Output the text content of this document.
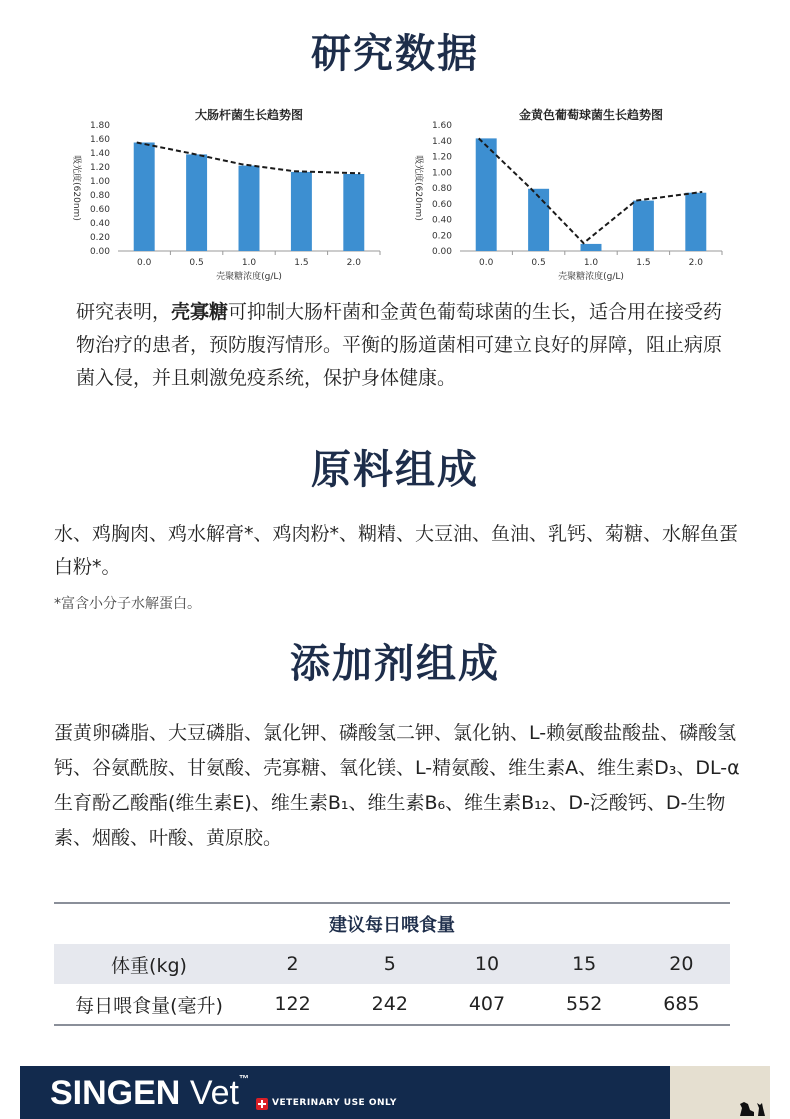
研究数据
大肠杆菌生长趋势图
吸光度(620nm)
0.00
0.20
0.40
0.60
0.80
1.00
1.20
1.40
1.60
1.80
0.0	0.5	1.0	1.5	2.0
壳聚糖浓度(g/L)
金黄色葡萄球菌生长趋势图
吸光度(620nm)
0.00
0.20
0.40
0.60
0.80
1.00
1.20
1.40
1.60
0.0	0.5	1.0	1.5	2.0
壳聚糖浓度(g/L)

研究表明，壳寡糖可抑制大肠杆菌和金黄色葡萄球菌的生长，适合用在接受药物治疗的患者，预防腹泻情形。平衡的肠道菌相可建立良好的屏障，阻止病原菌入侵，并且刺激免疫系统，保护身体健康。

原料组成

水、鸡胸肉、鸡水解膏*、鸡肉粉*、糊精、大豆油、鱼油、乳钙、菊糖、水解鱼蛋白粉*。

*富含小分子水解蛋白。

添加剂组成

蛋黄卵磷脂、大豆磷脂、氯化钾、磷酸氢二钾、氯化钠、L-赖氨酸盐酸盐、磷酸氢钙、谷氨酰胺、甘氨酸、壳寡糖、氧化镁、L-精氨酸、维生素A、维生素D₃、DL-α生育酚乙酸酯(维生素E)、维生素B₁、维生素B₆、维生素B₁₂、D-泛酸钙、D-生物素、烟酸、叶酸、黄原胶。

建议每日喂食量					
体重(kg)	2	5	10	15	20
每日喂食量(毫升)	122	242	407	552	685
SINGEN Vet™
VETERINARY USE ONLY
